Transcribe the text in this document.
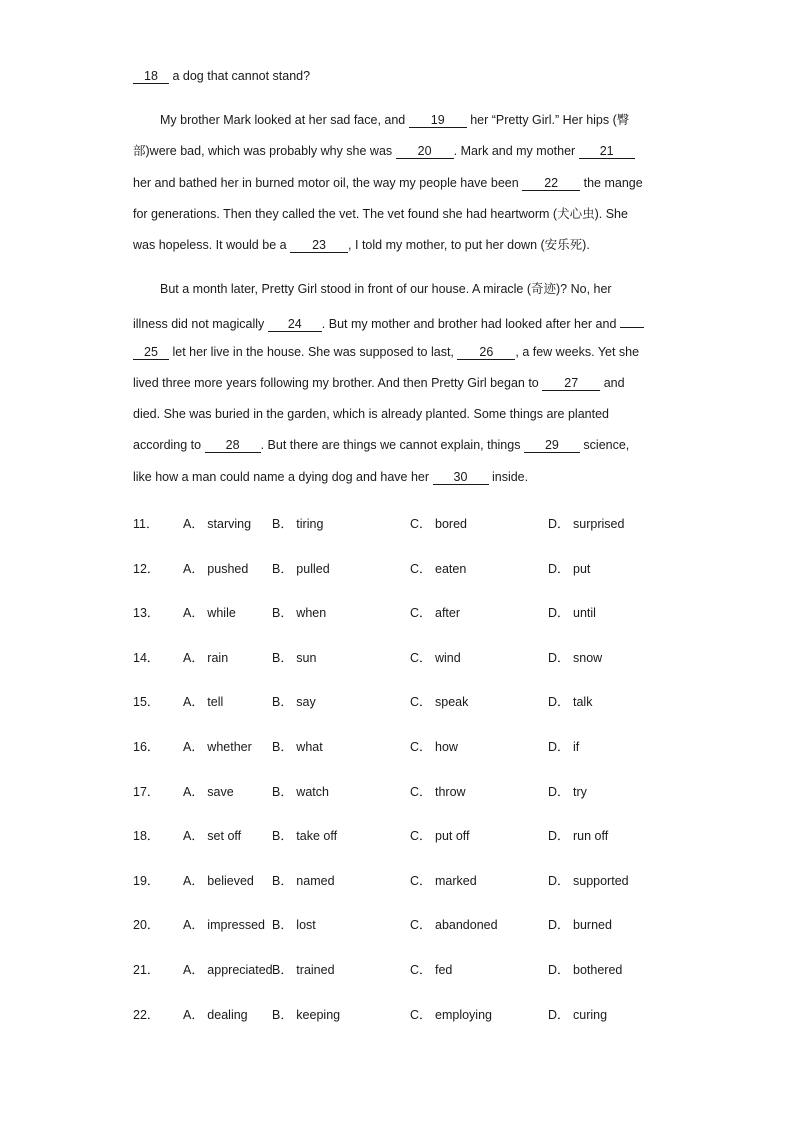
18 a dog that cannot stand?
My brother Mark looked at her sad face, and 19 her “Pretty Girl.” Her hips (臀
部)were bad, which was probably why she was 20 . Mark and my mother 21
her and bathed her in burned motor oil, the way my people have been 22 the mange
for generations. Then they called the vet. The vet found she had heartworm (犬心虫). She
was hopeless. It would be a 23 , I told my mother, to put her down (安乐死).
But a month later, Pretty Girl stood in front of our house. A miracle (奇迹)? No, her
illness did not magically 24 . But my mother and brother had looked after her and
25 let her live in the house. She was supposed to last, 26 , a few weeks. Yet she
lived three more years following my brother. And then Pretty Girl began to 27 and
died. She was buried in the garden, which is already planted. Some things are planted
according to 28 . But there are things we cannot explain, things 29 science,
like how a man could name a dying dog and have her 30 inside.
11． A． starving B． tiring	C． bored	D． surprised
12． A． pushed B． pulled	C． eaten	D． put
13． A． while	B． when	C． after	D． until
14． A． rain	B． sun	C． wind	D． snow
15． A． tell	B． say	C． speak	D． talk
16． A． whether B． what	C． how	D． if
17． A． save	B． watch	C． throw	D． try
18． A． set off B． take off	C． put off	D． run off
19． A． believed B． named	C． marked	D． supported
20． A． impressed B． lost	C． abandoned	D． burned
21． A． appreciated B． trained	C． fed	D． bothered
22． A． dealing B． keeping	C． employing	D． curing
